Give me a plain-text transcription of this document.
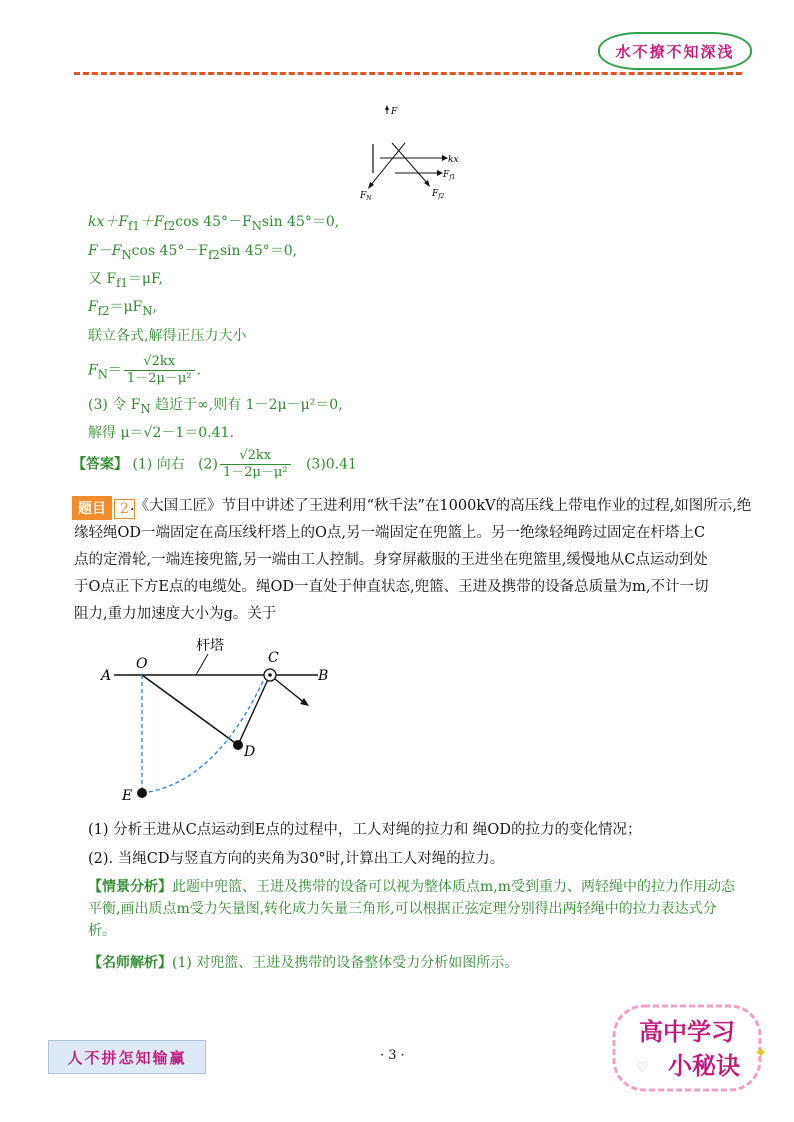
水不撩不知深浅
F
kx
$F_{f1}$
$F_N$	$F_{f2}$
$kx+F_{f1}+F_{f2}\cos$ $45^\circ-F_N\sin$ 45°＝0,
$F-F_N\cos$ $45^\circ-F_{f2}\sin$ 45°＝0,
又 $F_{f1}=\mu F$,
$F_{f2}=\mu F_N$,
联立各式,解得正压力大小
$F_N= \frac{√2kx}{\text{1－2μ－μ²}}$ .
(3) 令 $F_N$ 趋近于∞,则有 1－2μ－μ²＝0,
解得 μ＝√2－1＝0.41.
【答案】 (1) 向右 $(2) \frac{√2kx}{\text{1－2μ－μ²}} (3)0.41$
题目 2 .《大国工匠》节目中讲述了王进利用“秋千法”在1000kV的高压线上带电作业的过程,如图所示,绝
缘轻绳OD一端固定在高压线杆塔上的O点,另一端固定在兜篮上。另一绝缘轻绳跨过固定在杆塔上C
点的定滑轮,一端连接兜篮,另一端由工人控制。身穿屏蔽服的王进坐在兜篮里,缓慢地从C点运动到处
于O点正下方E点的电缆处。绳OD一直处于伸直状态,兜篮、王进及携带的设备总质量为m,不计一切
阻力,重力加速度大小为g。关于
A
O
杆塔
C
B
D
E
(1) 分析王进从C点运动到E点的过程中，工人对绳的拉力和 绳OD的拉力的变化情况；
(2). 当绳CD与竖直方向的夹角为30°时,计算出工人对绳的拉力。
【情景分析】此题中兜篮、王进及携带的设备可以视为整体质点m,m受到重力、两轻绳中的拉力作用动态平衡,画出质点m受力矢量图,转化成力矢量三角形,可以根据正弦定理分别得出两轻绳中的拉力表达式分析。
【名师解析】(1) 对兜篮、王进及携带的设备整体受力分析如图所示。
人不拼怎知输赢	· 3 ·
高中学习
小秘诀 ✦
♡
